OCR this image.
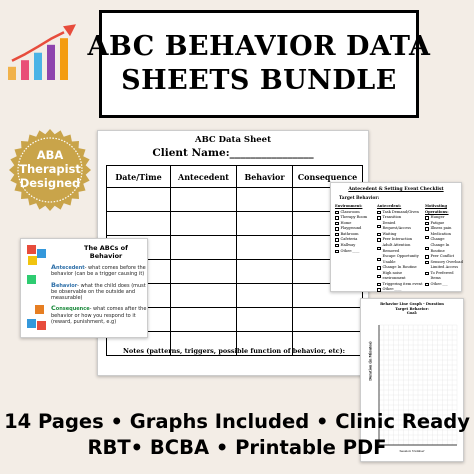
ABC BEHAVIOR DATA
SHEETS BUNDLE
ABA
Therapist
Designed
ABC Data Sheet
Client Name:________________
Date/Time	Antecedent	Behavior	Consequence

Notes (patterns, triggers, possible function of behavior, etc):
The ABCs of
Behavior

Antecedent- what comes before the behavior (can be a trigger causing it)

Behavior- what the child does (must be observable on the outside and measurable)

Consequence- what comes after the behavior or how you respond to it (reward, punishment, e.g)

Antecedent & Setting Event Checklist
Target Behavior:
Environment:
Classroom
Therapy Room
Home
Playground
Bathroom
Cafeteria
Hallway
Other:____
Antecedent:
Task Demand/Given
Transition
Denied Request/Access
Waiting
Peer Interaction
Adult Attention Removed
Escape Opportunity Unable
Change In Routine
High noise environment
Triggering item event
Other:____
Motivating Operations:
Hunger
Fatigue
Illness pain
Medication Change
Change In Routine
Peer Conflict
Sensory Overload
Limited Access To Preferred Items
Other:___
Behavior Line Graph - Duration
Target Behavior:
Goal:
Duration (in Minutes)
Session Number
14 Pages • Graphs Included • Clinic Ready
RBT• BCBA • Printable PDF
